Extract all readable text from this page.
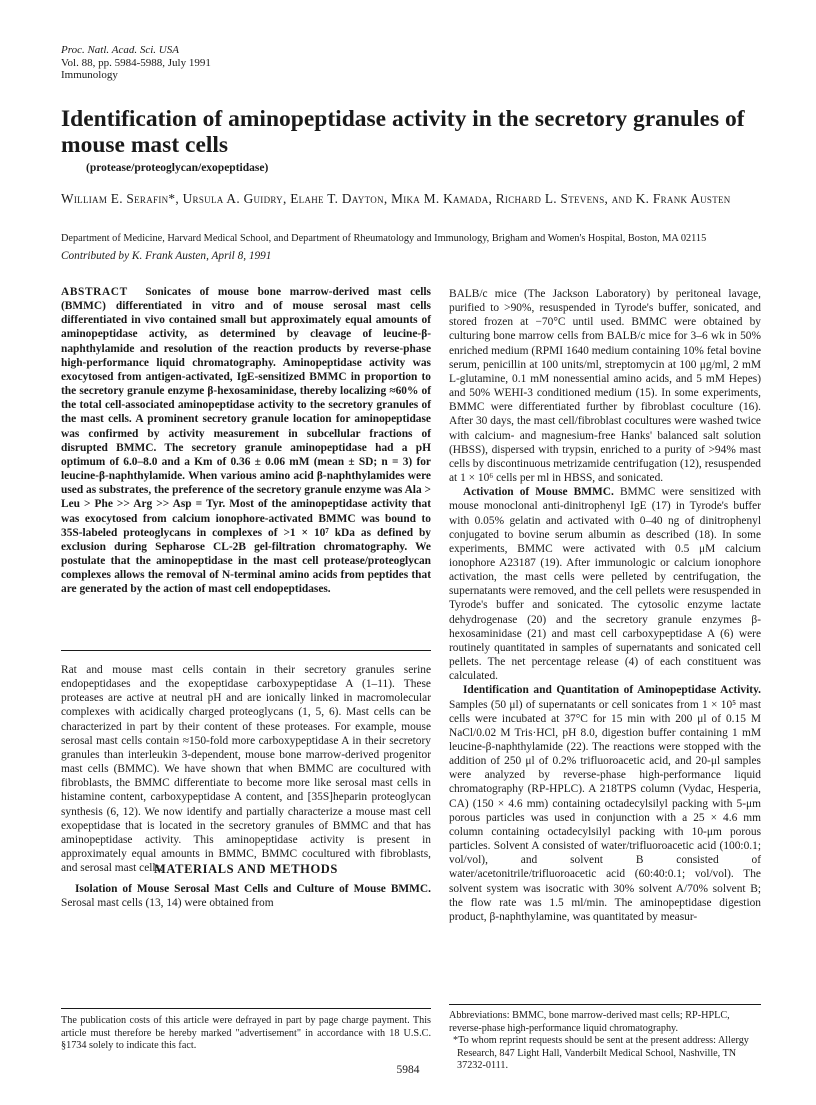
Proc. Natl. Acad. Sci. USA
Vol. 88, pp. 5984-5988, July 1991
Immunology
Identification of aminopeptidase activity in the secretory granules of mouse mast cells
(protease/proteoglycan/exopeptidase)
William E. Serafin*, Ursula A. Guidry, Elahe T. Dayton, Mika M. Kamada, Richard L. Stevens, and K. Frank Austen
Department of Medicine, Harvard Medical School, and Department of Rheumatology and Immunology, Brigham and Women's Hospital, Boston, MA 02115
Contributed by K. Frank Austen, April 8, 1991

ABSTRACT Sonicates of mouse bone marrow-derived mast cells (BMMC) differentiated in vitro and of mouse serosal mast cells differentiated in vivo contained small but approximately equal amounts of aminopeptidase activity, as determined by cleavage of leucine-β-naphthylamide and resolution of the reaction products by reverse-phase high-performance liquid chromatography. Aminopeptidase activity was exocytosed from antigen-activated, IgE-sensitized BMMC in proportion to the secretory granule enzyme β-hexosaminidase, thereby localizing ≈60% of the total cell-associated aminopeptidase activity to the secretory granules of the mast cells. A prominent secretory granule location for aminopeptidase was confirmed by activity measurement in subcellular fractions of disrupted BMMC. The secretory granule aminopeptidase had a pH optimum of 6.0–8.0 and a Km of 0.36 ± 0.06 mM (mean ± SD; n = 3) for leucine-β-naphthylamide. When various amino acid β-naphthylamides were used as substrates, the preference of the secretory granule enzyme was Ala > Leu > Phe >> Arg >> Asp = Tyr. Most of the aminopeptidase activity that was exocytosed from calcium ionophore-activated BMMC was bound to 35S-labeled proteoglycans in complexes of >1 × 10⁷ kDa as defined by exclusion during Sepharose CL-2B gel-filtration chromatography. We postulate that the aminopeptidase in the mast cell protease/proteoglycan complexes allows the removal of N-terminal amino acids from peptides that are generated by the action of mast cell endopeptidases.

Rat and mouse mast cells contain in their secretory granules serine endopeptidases and the exopeptidase carboxypeptidase A (1–11). These proteases are active at neutral pH and are ionically linked in macromolecular complexes with acidically charged proteoglycans (1, 5, 6). Mast cells can be characterized in part by their content of these proteases. For example, mouse serosal mast cells contain ≈150-fold more carboxypeptidase A in their secretory granules than interleukin 3-dependent, mouse bone marrow-derived progenitor mast cells (BMMC). We have shown that when BMMC are cocultured with fibroblasts, the BMMC differentiate to become more like serosal mast cells in histamine content, carboxypeptidase A content, and [35S]heparin proteoglycan synthesis (6, 12). We now identify and partially characterize a mouse mast cell exopeptidase that is located in the secretory granules of BMMC and that has aminopeptidase activity. This aminopeptidase activity is present in approximately equal amounts in BMMC, BMMC cocultured with fibroblasts, and serosal mast cells.

MATERIALS AND METHODS

Isolation of Mouse Serosal Mast Cells and Culture of Mouse BMMC. Serosal mast cells (13, 14) were obtained from

BALB/c mice (The Jackson Laboratory) by peritoneal lavage, purified to >90%, resuspended in Tyrode's buffer, sonicated, and stored frozen at −70°C until used. BMMC were obtained by culturing bone marrow cells from BALB/c mice for 3–6 wk in 50% enriched medium (RPMI 1640 medium containing 10% fetal bovine serum, penicillin at 100 units/ml, streptomycin at 100 μg/ml, 2 mM L-glutamine, 0.1 mM nonessential amino acids, and 5 mM Hepes) and 50% WEHI-3 conditioned medium (15). In some experiments, BMMC were differentiated further by fibroblast coculture (16). After 30 days, the mast cell/fibroblast cocultures were washed twice with calcium- and magnesium-free Hanks' balanced salt solution (HBSS), dispersed with trypsin, enriched to a purity of >94% mast cells by discontinuous metrizamide centrifugation (12), resuspended at 1 × 10⁶ cells per ml in HBSS, and sonicated.

Activation of Mouse BMMC. BMMC were sensitized with mouse monoclonal anti-dinitrophenyl IgE (17) in Tyrode's buffer with 0.05% gelatin and activated with 0–40 ng of dinitrophenyl conjugated to bovine serum albumin as described (18). In some experiments, BMMC were activated with 0.5 μM calcium ionophore A23187 (19). After immunologic or calcium ionophore activation, the mast cells were pelleted by centrifugation, the supernatants were removed, and the cell pellets were resuspended in Tyrode's buffer and sonicated. The cytosolic enzyme lactate dehydrogenase (20) and the secretory granule enzymes β-hexosaminidase (21) and mast cell carboxypeptidase A (6) were routinely quantitated in samples of supernatants and sonicated cell pellets. The net percentage release (4) of each constituent was calculated.

Identification and Quantitation of Aminopeptidase Activity. Samples (50 μl) of supernatants or cell sonicates from 1 × 10⁵ mast cells were incubated at 37°C for 15 min with 200 μl of 0.15 M NaCl/0.02 M Tris·HCl, pH 8.0, digestion buffer containing 1 mM leucine-β-naphthylamide (22). The reactions were stopped with the addition of 250 μl of 0.2% trifluoroacetic acid, and 20-μl samples were analyzed by reverse-phase high-performance liquid chromatography (RP-HPLC). A 218TPS column (Vydac, Hesperia, CA) (150 × 4.6 mm) containing octadecylsilyl packing with 5-μm porous particles was used in conjunction with a 25 × 4.6 mm column containing octadecylsilyl packing with 10-μm porous particles. Solvent A consisted of water/trifluoroacetic acid (100:0.1; vol/vol), and solvent B consisted of water/acetonitrile/trifluoroacetic acid (60:40:0.1; vol/vol). The solvent system was isocratic with 30% solvent A/70% solvent B; the flow rate was 1.5 ml/min. The aminopeptidase digestion product, β-naphthylamine, was quantitated by measur-

The publication costs of this article were defrayed in part by page charge payment. This article must therefore be hereby marked "advertisement" in accordance with 18 U.S.C. §1734 solely to indicate this fact.

Abbreviations: BMMC, bone marrow-derived mast cells; RP-HPLC, reverse-phase high-performance liquid chromatography.

*To whom reprint requests should be sent at the present address: Allergy Research, 847 Light Hall, Vanderbilt Medical School, Nashville, TN 37232-0111.

5984
